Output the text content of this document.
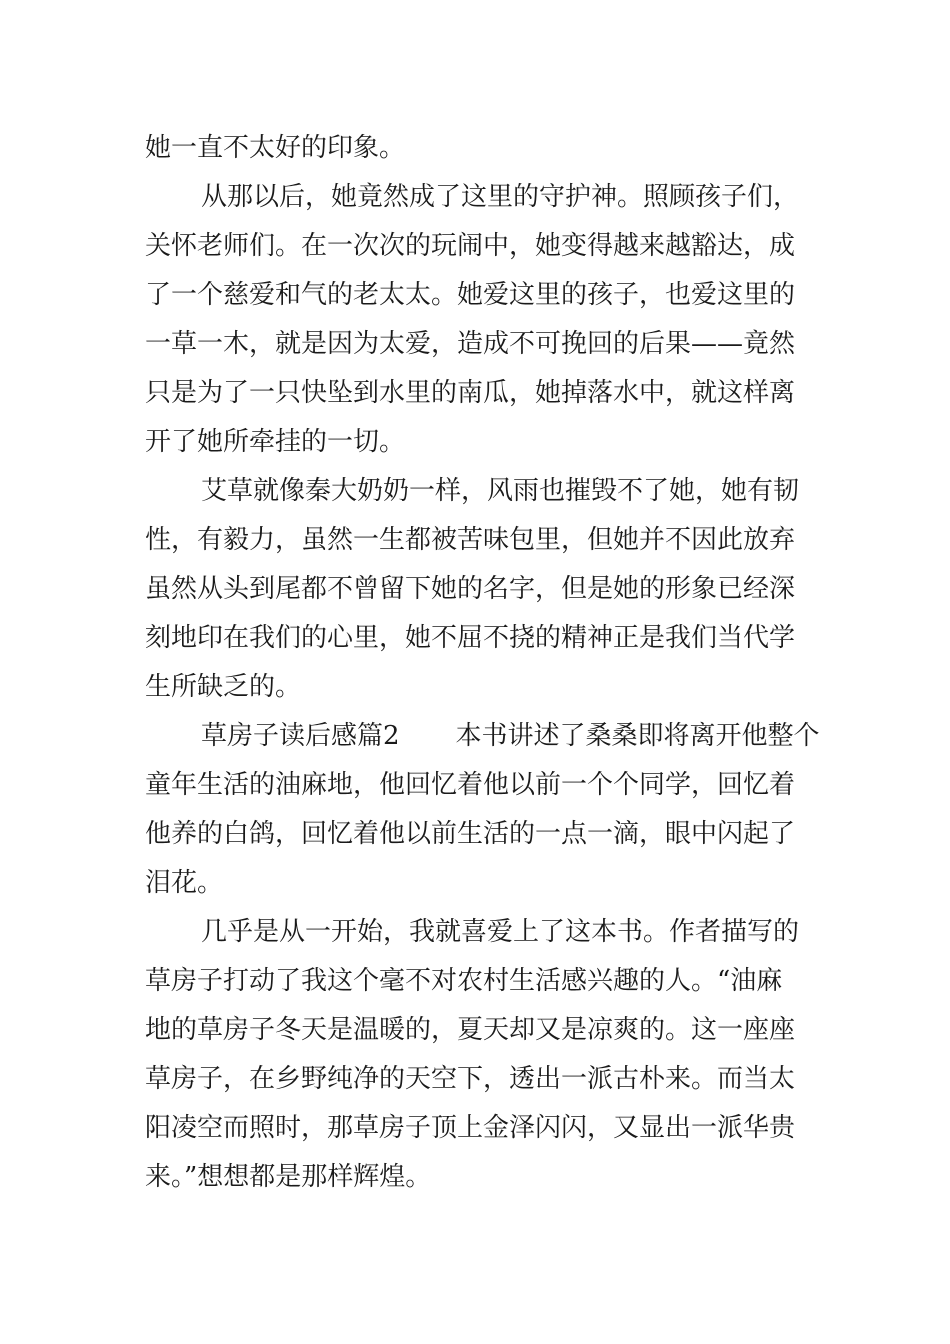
她一直不太好的印象。
从那以后，她竟然成了这里的守护神。照顾孩子们，
关怀老师们。在一次次的玩闹中，她变得越来越豁达，成
了一个慈爱和气的老太太。她爱这里的孩子，也爱这里的
一草一木，就是因为太爱，造成不可挽回的后果——竟然
只是为了一只快坠到水里的南瓜，她掉落水中，就这样离
开了她所牵挂的一切。
艾草就像秦大奶奶一样，风雨也摧毁不了她，她有韧
性，有毅力，虽然一生都被苦味包里，但她并不因此放弃
虽然从头到尾都不曾留下她的名字，但是她的形象已经深
刻地印在我们的心里，她不屈不挠的精神正是我们当代学
生所缺乏的。
草房子读后感篇2 本书讲述了桑桑即将离开他整个
童年生活的油麻地，他回忆着他以前一个个同学，回忆着
他养的白鸽，回忆着他以前生活的一点一滴，眼中闪起了
泪花。
几乎是从一开始，我就喜爱上了这本书。作者描写的
草房子打动了我这个毫不对农村生活感兴趣的人。“油麻
地的草房子冬天是温暖的，夏天却又是凉爽的。这一座座
草房子，在乡野纯净的天空下，透出一派古朴来。而当太
阳凌空而照时，那草房子顶上金泽闪闪，又显出一派华贵
来。”想想都是那样辉煌。
